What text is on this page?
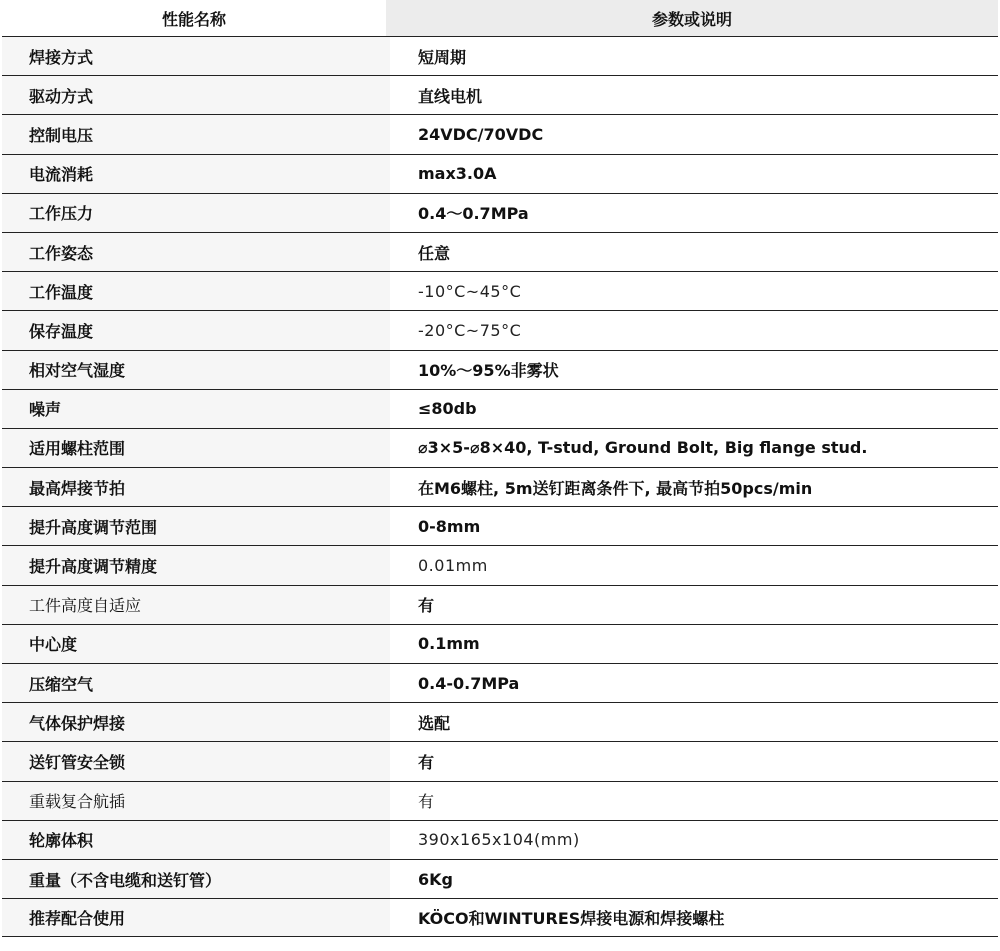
性能名称	参数或说明
焊接方式	短周期
驱动方式	直线电机
控制电压	24VDC/70VDC
电流消耗	max3.0A
工作压力	0.4～0.7MPa
工作姿态	任意
工作温度	-10°C~45°C
保存温度	-20°C~75°C
相对空气湿度	10%～95%非雾状
噪声	≤80db
适用螺柱范围	⌀3×5-⌀8×40, T-stud, Ground Bolt, Big flange stud.
最高焊接节拍	在M6螺柱, 5m送钉距离条件下, 最高节拍50pcs/min
提升高度调节范围	0-8mm
提升高度调节精度	0.01mm
工件高度自适应	有
中心度	0.1mm
压缩空气	0.4-0.7MPa
气体保护焊接	选配
送钉管安全锁	有
重载复合航插	有
轮廓体积	390x165x104(mm)
重量（不含电缆和送钉管）	6Kg
推荐配合使用	KÖCO和WINTURES焊接电源和焊接螺柱
